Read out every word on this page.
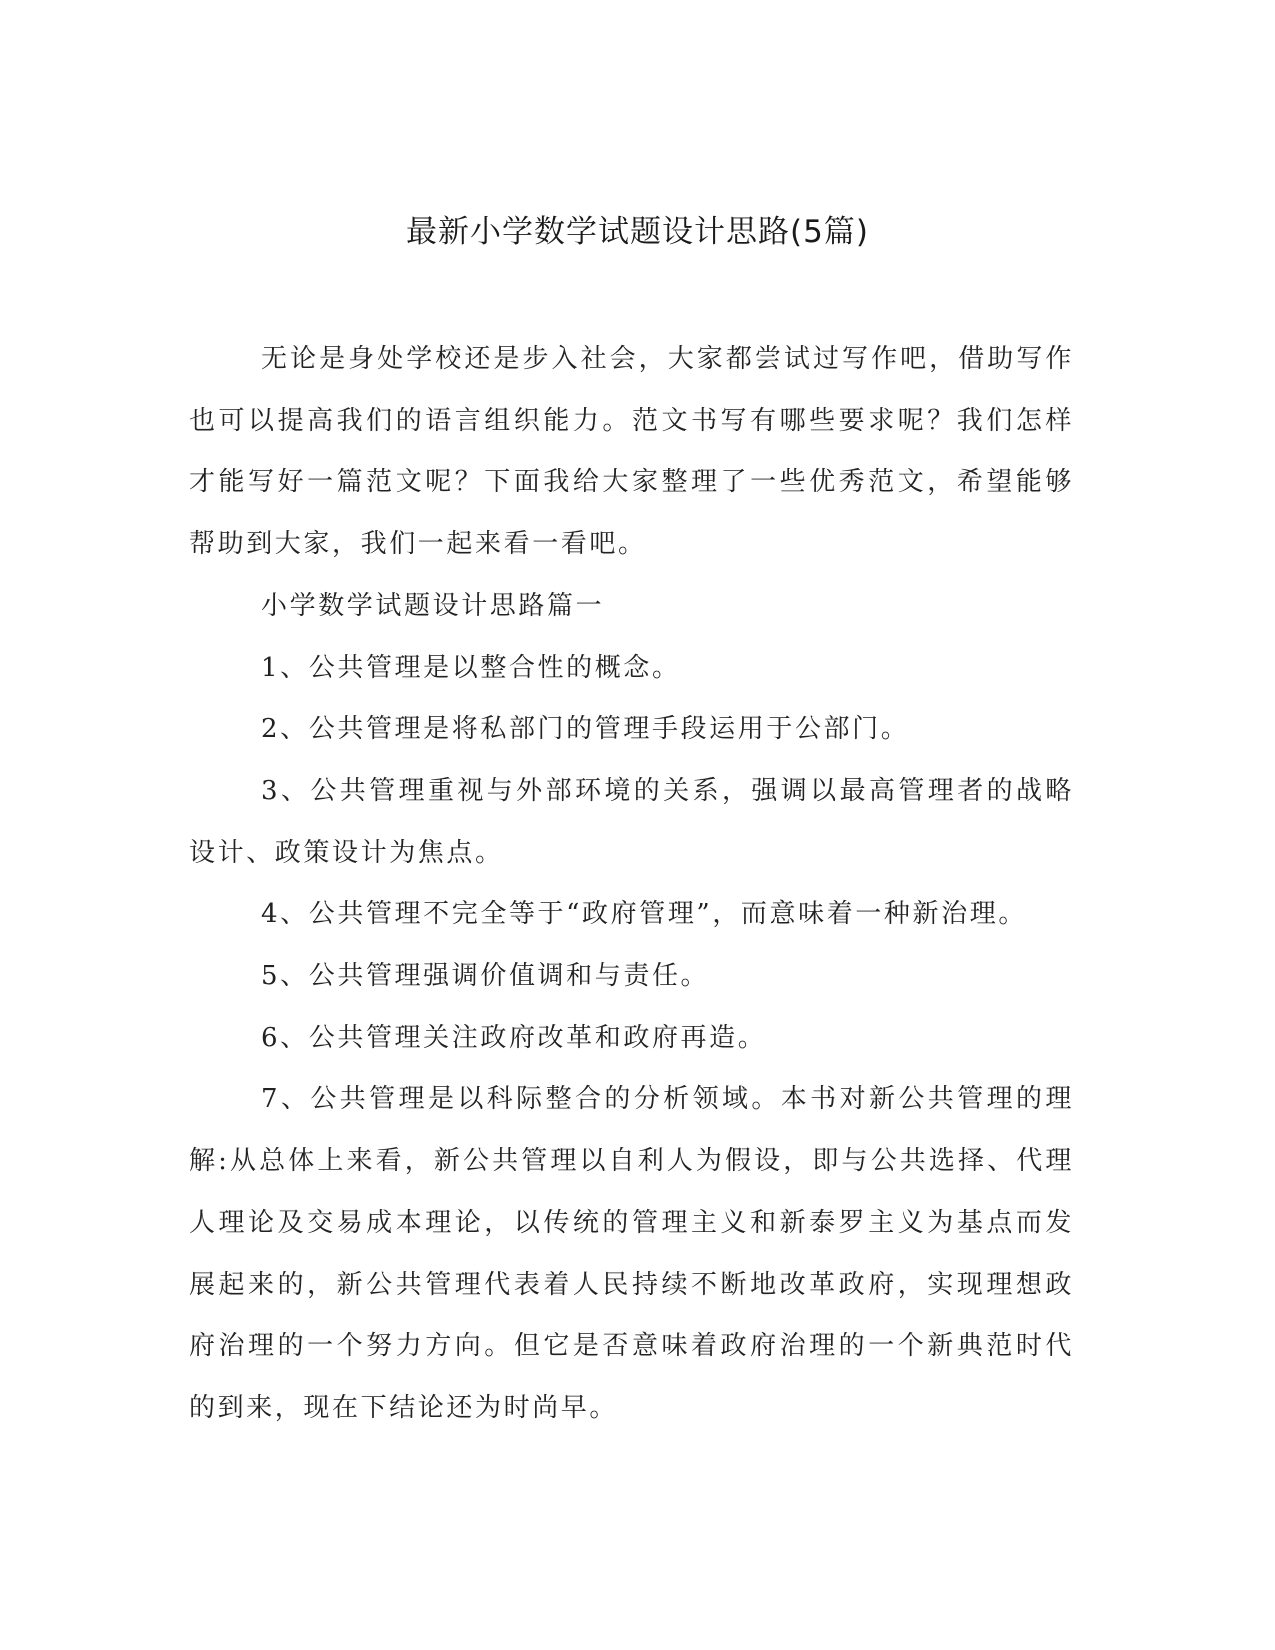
最新小学数学试题设计思路(5篇)

无论是身处学校还是步入社会，大家都尝试过写作吧，借助写作也可以提高我们的语言组织能力。范文书写有哪些要求呢？我们怎样才能写好一篇范文呢？下面我给大家整理了一些优秀范文，希望能够帮助到大家，我们一起来看一看吧。

小学数学试题设计思路篇一

1、公共管理是以整合性的概念。

2、公共管理是将私部门的管理手段运用于公部门。

3、公共管理重视与外部环境的关系，强调以最高管理者的战略设计、政策设计为焦点。

4、公共管理不完全等于“政府管理”，而意味着一种新治理。

5、公共管理强调价值调和与责任。

6、公共管理关注政府改革和政府再造。

7、公共管理是以科际整合的分析领域。本书对新公共管理的理解:从总体上来看，新公共管理以自利人为假设，即与公共选择、代理人理论及交易成本理论，以传统的管理主义和新泰罗主义为基点而发展起来的，新公共管理代表着人民持续不断地改革政府，实现理想政府治理的一个努力方向。但它是否意味着政府治理的一个新典范时代的到来，现在下结论还为时尚早。
